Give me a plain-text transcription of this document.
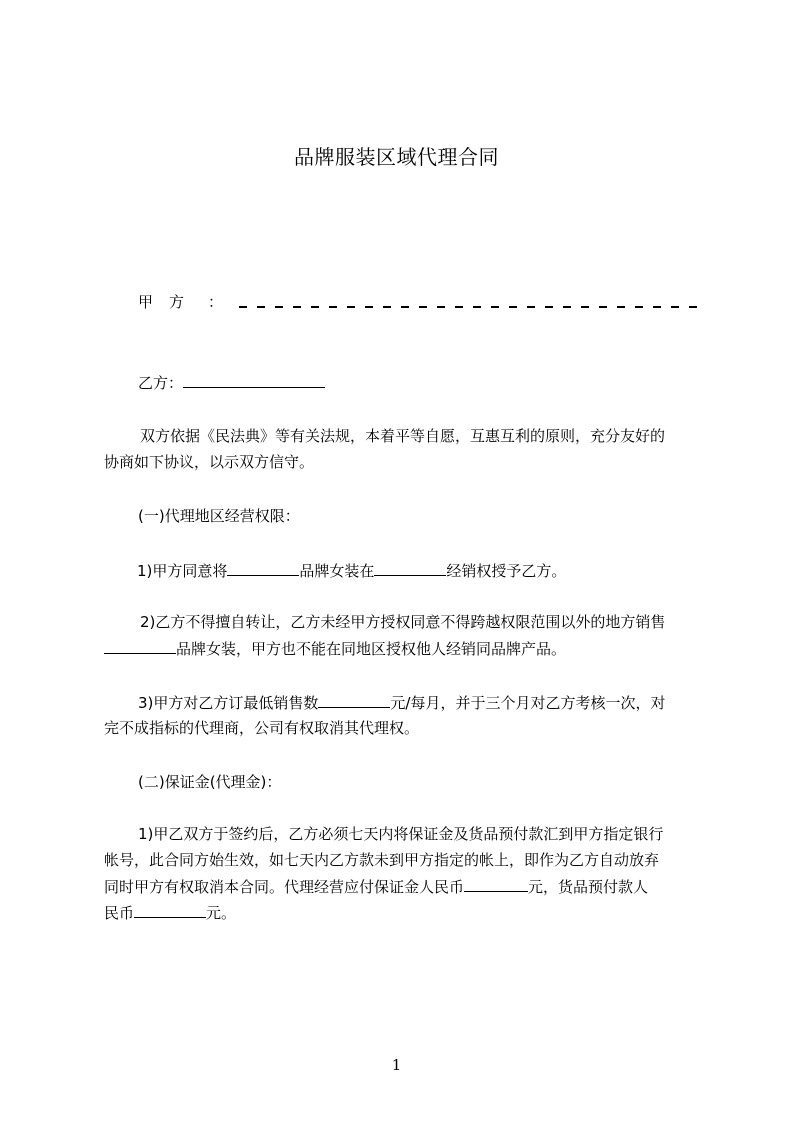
品牌服装区域代理合同
甲方 ：
乙方：
双方依据《民法典》等有关法规，本着平等自愿，互惠互利的原则，充分友好的
协商如下协议，以示双方信守。
(一)代理地区经营权限：
1)甲方同意将	品牌女装在	经销权授予乙方。
2)乙方不得擅自转让，乙方未经甲方授权同意不得跨越权限范围以外的地方销售
品牌女装，甲方也不能在同地区授权他人经销同品牌产品。
3)甲方对乙方订最低销售数	元/每月，并于三个月对乙方考核一次，对
完不成指标的代理商，公司有权取消其代理权。
(二)保证金(代理金)：
1)甲乙双方于签约后，乙方必须七天内将保证金及货品预付款汇到甲方指定银行
帐号，此合同方始生效，如七天内乙方款未到甲方指定的帐上，即作为乙方自动放弃
同时甲方有权取消本合同。代理经营应付保证金人民币	元，货品预付款人
民币	元。
1
